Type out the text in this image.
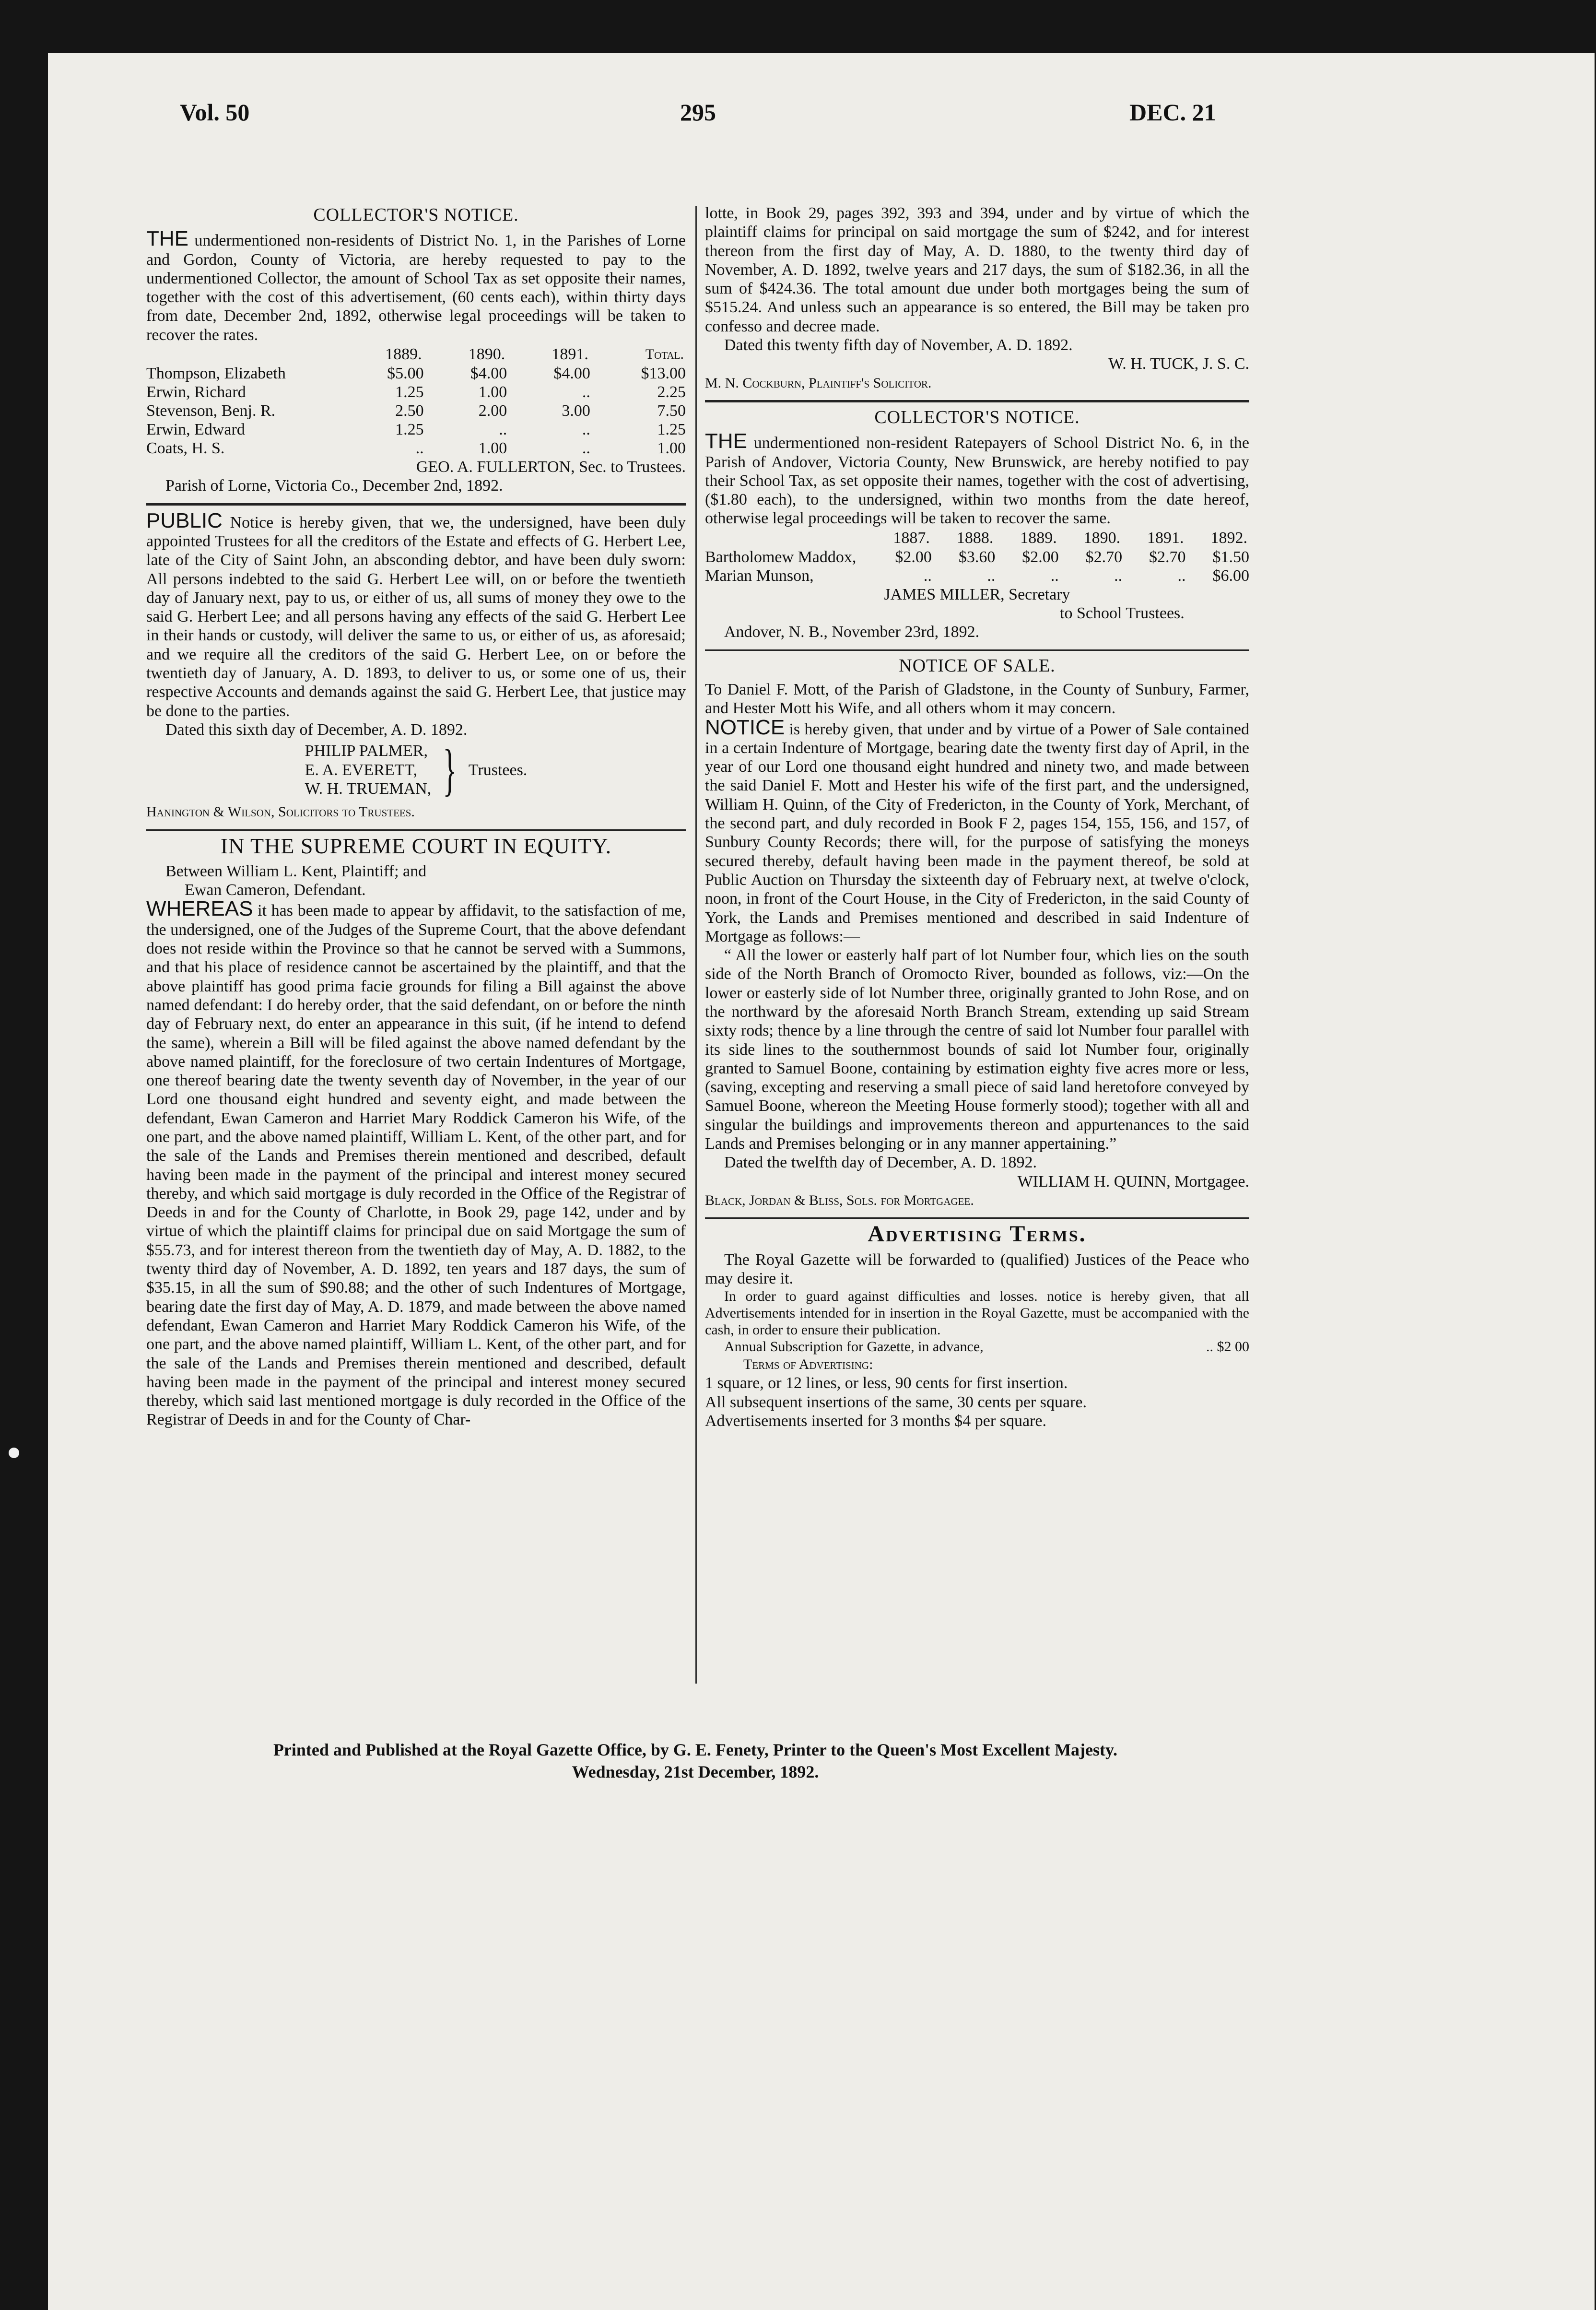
Vol. 50	295	DEC. 21
COLLECTOR'S NOTICE.

THE undermentioned non-residents of District No. 1, in the Parishes of Lorne and Gordon, County of Victoria, are hereby requested to pay to the undermentioned Collector, the amount of School Tax as set opposite their names, together with the cost of this advertisement, (60 cents each), within thirty days from date, December 2nd, 1892, otherwise legal proceedings will be taken to recover the rates.

	1889.	1890.	1891.	Total.
Thompson, Elizabeth	$5.00	$4.00	$4.00	$13.00
Erwin, Richard	1.25	1.00	..	2.25
Stevenson, Benj. R.	2.50	2.00	3.00	7.50
Erwin, Edward	1.25	..	..	1.25
Coats, H. S.	..	1.00	..	1.00

GEO. A. FULLERTON, Sec. to Trustees.

Parish of Lorne, Victoria Co., December 2nd, 1892.

PUBLIC Notice is hereby given, that we, the undersigned, have been duly appointed Trustees for all the creditors of the Estate and effects of G. Herbert Lee, late of the City of Saint John, an absconding debtor, and have been duly sworn: All persons indebted to the said G. Herbert Lee will, on or before the twentieth day of January next, pay to us, or either of us, all sums of money they owe to the said G. Herbert Lee; and all persons having any effects of the said G. Herbert Lee in their hands or custody, will deliver the same to us, or either of us, as aforesaid; and we require all the creditors of the said G. Herbert Lee, on or before the twentieth day of January, A. D. 1893, to deliver to us, or some one of us, their respective Accounts and demands against the said G. Herbert Lee, that justice may be done to the parties.

Dated this sixth day of December, A. D. 1892.

PHILIP PALMER,
E. A. EVERETT,
W. H. TRUEMAN, } Trustees.

Hanington & Wilson, Solicitors to Trustees.

IN THE SUPREME COURT IN EQUITY.

Between William L. Kent, Plaintiff; and

Ewan Cameron, Defendant.

WHEREAS it has been made to appear by affidavit, to the satisfaction of me, the undersigned, one of the Judges of the Supreme Court, that the above defendant does not reside within the Province so that he cannot be served with a Summons, and that his place of residence cannot be ascertained by the plaintiff, and that the above plaintiff has good prima facie grounds for filing a Bill against the above named defendant: I do hereby order, that the said defendant, on or before the ninth day of February next, do enter an appearance in this suit, (if he intend to defend the same), wherein a Bill will be filed against the above named defendant by the above named plaintiff, for the foreclosure of two certain Indentures of Mortgage, one thereof bearing date the twenty seventh day of November, in the year of our Lord one thousand eight hundred and seventy eight, and made between the defendant, Ewan Cameron and Harriet Mary Roddick Cameron his Wife, of the one part, and the above named plaintiff, William L. Kent, of the other part, and for the sale of the Lands and Premises therein mentioned and described, default having been made in the payment of the principal and interest money secured thereby, and which said mortgage is duly recorded in the Office of the Registrar of Deeds in and for the County of Charlotte, in Book 29, page 142, under and by virtue of which the plaintiff claims for principal due on said Mortgage the sum of $55.73, and for interest thereon from the twentieth day of May, A. D. 1882, to the twenty third day of November, A. D. 1892, ten years and 187 days, the sum of $35.15, in all the sum of $90.88; and the other of such Indentures of Mortgage, bearing date the first day of May, A. D. 1879, and made between the above named defendant, Ewan Cameron and Harriet Mary Roddick Cameron his Wife, of the one part, and the above named plaintiff, William L. Kent, of the other part, and for the sale of the Lands and Premises therein mentioned and described, default having been made in the payment of the principal and interest money secured thereby, which said last mentioned mortgage is duly recorded in the Office of the Registrar of Deeds in and for the County of Char-

lotte, in Book 29, pages 392, 393 and 394, under and by virtue of which the plaintiff claims for principal on said mortgage the sum of $242, and for interest thereon from the first day of May, A. D. 1880, to the twenty third day of November, A. D. 1892, twelve years and 217 days, the sum of $182.36, in all the sum of $424.36. The total amount due under both mortgages being the sum of $515.24. And unless such an appearance is so entered, the Bill may be taken pro confesso and decree made.

Dated this twenty fifth day of November, A. D. 1892.

W. H. TUCK, J. S. C.

M. N. Cockburn, Plaintiff's Solicitor.

COLLECTOR'S NOTICE.

THE undermentioned non-resident Ratepayers of School District No. 6, in the Parish of Andover, Victoria County, New Brunswick, are hereby notified to pay their School Tax, as set opposite their names, together with the cost of advertising, ($1.80 each), to the undersigned, within two months from the date hereof, otherwise legal proceedings will be taken to recover the same.

	1887.	1888.	1889.	1890.	1891.	1892.
Bartholomew Maddox,	$2.00	$3.60	$2.00	$2.70	$2.70	$1.50
Marian Munson,	..	..	..	..	..	$6.00

JAMES MILLER, Secretary

to School Trustees.

Andover, N. B., November 23rd, 1892.

NOTICE OF SALE.

To Daniel F. Mott, of the Parish of Gladstone, in the County of Sunbury, Farmer, and Hester Mott his Wife, and all others whom it may concern.

NOTICE is hereby given, that under and by virtue of a Power of Sale contained in a certain Indenture of Mortgage, bearing date the twenty first day of April, in the year of our Lord one thousand eight hundred and ninety two, and made between the said Daniel F. Mott and Hester his wife of the first part, and the undersigned, William H. Quinn, of the City of Fredericton, in the County of York, Merchant, of the second part, and duly recorded in Book F 2, pages 154, 155, 156, and 157, of Sunbury County Records; there will, for the purpose of satisfying the moneys secured thereby, default having been made in the payment thereof, be sold at Public Auction on Thursday the sixteenth day of February next, at twelve o'clock, noon, in front of the Court House, in the City of Fredericton, in the said County of York, the Lands and Premises mentioned and described in said Indenture of Mortgage as follows:—

“ All the lower or easterly half part of lot Number four, which lies on the south side of the North Branch of Oromocto River, bounded as follows, viz:—On the lower or easterly side of lot Number three, originally granted to John Rose, and on the northward by the aforesaid North Branch Stream, extending up said Stream sixty rods; thence by a line through the centre of said lot Number four parallel with its side lines to the southernmost bounds of said lot Number four, originally granted to Samuel Boone, containing by estimation eighty five acres more or less, (saving, excepting and reserving a small piece of said land heretofore conveyed by Samuel Boone, whereon the Meeting House formerly stood); together with all and singular the buildings and improvements thereon and appurtenances to the said Lands and Premises belonging or in any manner appertaining.”

Dated the twelfth day of December, A. D. 1892.

WILLIAM H. QUINN, Mortgagee.

Black, Jordan & Bliss, Sols. for Mortgagee.

Advertising Terms.

The Royal Gazette will be forwarded to (qualified) Justices of the Peace who may desire it.

In order to guard against difficulties and losses. notice is hereby given, that all Advertisements intended for in insertion in the Royal Gazette, must be accompanied with the cash, in order to ensure their publication.

Annual Subscription for Gazette, in advance,	.. $2 00

Terms of Advertising:

1 square, or 12 lines, or less, 90 cents for first insertion.

All subsequent insertions of the same, 30 cents per square.

Advertisements inserted for 3 months $4 per square.

Printed and Published at the Royal Gazette Office, by G. E. Fenety, Printer to the Queen's Most Excellent Majesty.
Wednesday, 21st December, 1892.
